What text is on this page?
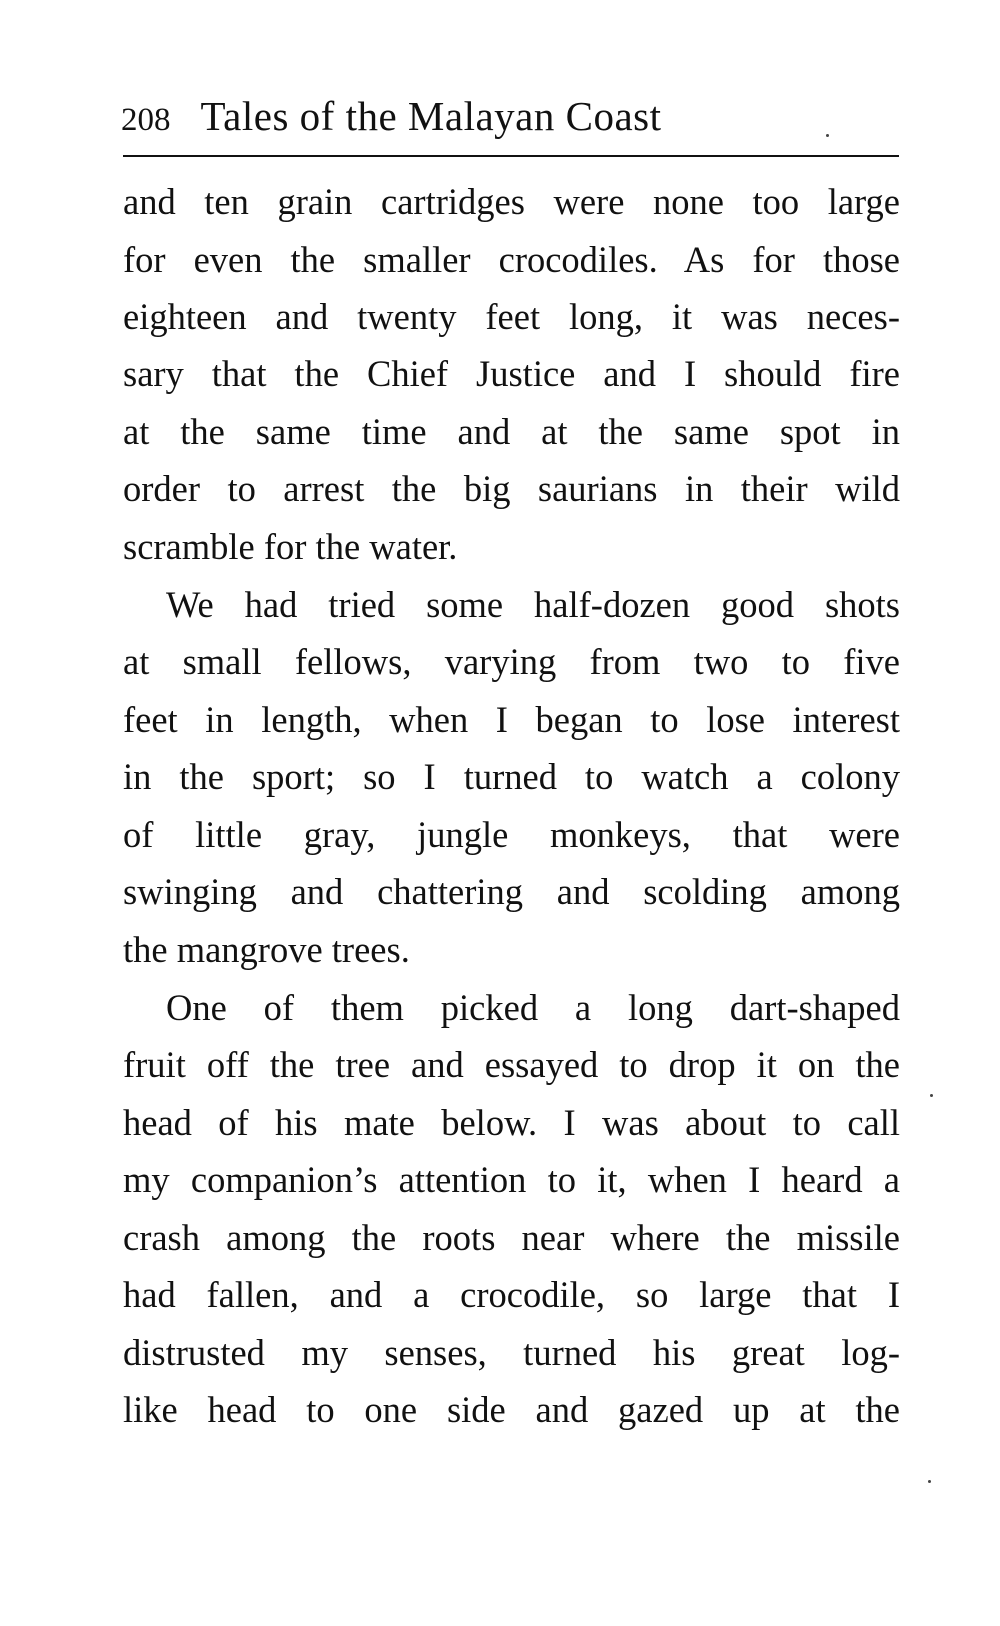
208 Tales of the Malayan Coast
and ten grain cartridges were none too large
for even the smaller crocodiles. As for those
eighteen and twenty feet long, it was neces-
sary that the Chief Justice and I should fire
at the same time and at the same spot in
order to arrest the big saurians in their wild
scramble for the water.
We had tried some half-dozen good shots
at small fellows, varying from two to five
feet in length, when I began to lose interest
in the sport; so I turned to watch a colony
of little gray, jungle monkeys, that were
swinging and chattering and scolding among
the mangrove trees.
One of them picked a long dart-shaped
fruit off the tree and essayed to drop it on the
head of his mate below. I was about to call
my companion’s attention to it, when I heard a
crash among the roots near where the missile
had fallen, and a crocodile, so large that I
distrusted my senses, turned his great log-
like head to one side and gazed up at the
